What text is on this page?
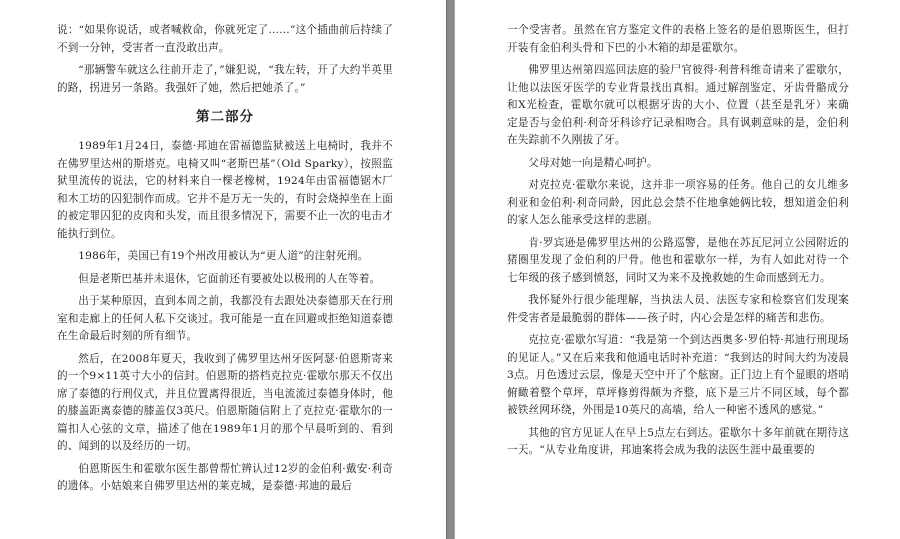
说：“如果你说话，或者喊救命，你就死定了……”这个插曲前后持续了不到一分钟，受害者一直没敢出声。

“那辆警车就这么往前开走了，”嫌犯说，“我左转，开了大约半英里的路，拐进另一条路。我强奸了她，然后把她杀了。”

第二部分

1989年1月24日，泰德·邦迪在雷福德监狱被送上电椅时，我并不在佛罗里达州的斯塔克。电椅又叫“老斯巴基”（Old Sparky），按照监狱里流传的说法，它的材料来自一棵老橡树，1924年由雷福德锯木厂和木工坊的囚犯制作而成。它并不是万无一失的，有时会烧掉坐在上面的被定罪囚犯的皮肉和头发，而且很多情况下，需要不止一次的电击才能执行到位。

1986年，美国已有19个州改用被认为“更人道”的注射死刑。

但是老斯巴基并未退休，它面前还有要被处以极刑的人在等着。

出于某种原因，直到本周之前，我都没有去跟处决泰德那天在行刑室和走廊上的任何人私下交谈过。我可能是一直在回避或拒绝知道泰德在生命最后时刻的所有细节。

然后，在2008年夏天，我收到了佛罗里达州牙医阿瑟·伯恩斯寄来的一个9×11英寸大小的信封。伯恩斯的搭档克拉克·霍歇尔那天不仅出席了泰德的行刑仪式，并且位置离得很近，当电流流过泰德身体时，他的膝盖距离泰德的膝盖仅3英尺。伯恩斯随信附上了克拉克·霍歇尔的一篇扣人心弦的文章，描述了他在1989年1月的那个早晨听到的、看到的、闻到的以及经历的一切。

伯恩斯医生和霍歇尔医生都曾帮忙辨认过12岁的金伯利·戴安·利奇的遗体。小姑娘来自佛罗里达州的莱克城，是泰德·邦迪的最后

一个受害者。虽然在官方鉴定文件的表格上签名的是伯恩斯医生，但打开装有金伯利头骨和下巴的小木箱的却是霍歇尔。

佛罗里达州第四巡回法庭的验尸官彼得·利普科维奇请来了霍歇尔，让他以法医牙医学的专业背景找出真相。通过解剖鉴定、牙齿骨骼成分和X光检查，霍歇尔就可以根据牙齿的大小、位置（甚至是乳牙）来确定是否与金伯利·利奇牙科诊疗记录相吻合。具有讽刺意味的是，金伯利在失踪前不久刚拔了牙。

父母对她一向是精心呵护。

对克拉克·霍歇尔来说，这并非一项容易的任务。他自己的女儿维多利亚和金伯利·利奇同龄，因此总会禁不住地拿她俩比较，想知道金伯利的家人怎么能承受这样的悲剧。

肯·罗宾逊是佛罗里达州的公路巡警，是他在苏瓦尼河立公园附近的猪圈里发现了金伯利的尸骨。他也和霍歇尔一样，为有人如此对待一个七年级的孩子感到愤怒，同时又为来不及挽救她的生命而感到无力。

我怀疑外行很少能理解，当执法人员、法医专家和检察官们发现案件受害者是最脆弱的群体——孩子时，内心会是怎样的痛苦和悲伤。

克拉克·霍歇尔写道：“我是第一个到达西奥多·罗伯特·邦迪行刑现场的见证人。”又在后来我和他通电话时补充道：“我到达的时间大约为凌晨3点。月色透过云层，像是天空中开了个舷窗。正门边上有个显眼的塔哨俯瞰着整个草坪，草坪修剪得颇为齐整，底下是三片不同区域，每个都被铁丝网环绕，外围是10英尺的高墙，给人一种密不透风的感觉。”

其他的官方见证人在早上5点左右到达。霍歇尔十多年前就在期待这一天。“从专业角度讲，邦迪案将会成为我的法医生涯中最重要的
